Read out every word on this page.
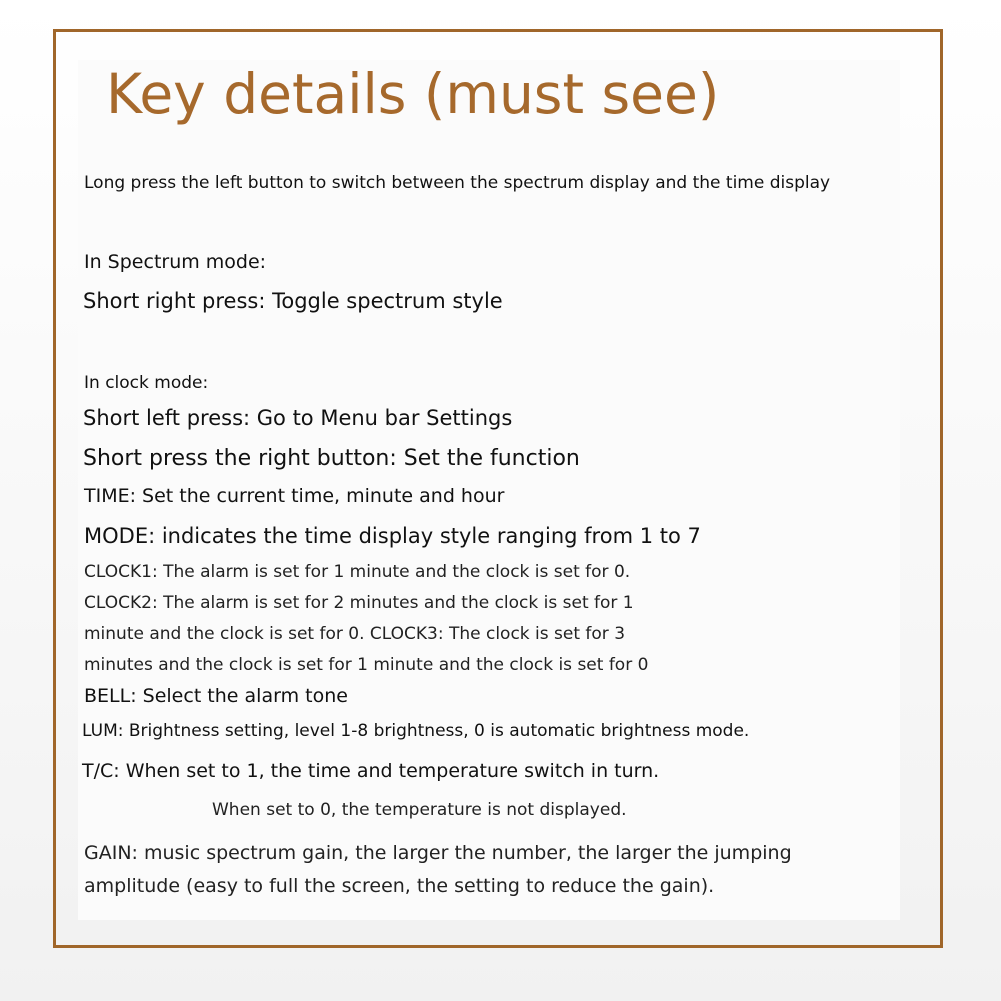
Key details (must see)

Long press the left button to switch between the spectrum display and the time display

In Spectrum mode:

Short right press: Toggle spectrum style

In clock mode:

Short left press: Go to Menu bar Settings

Short press the right button: Set the function

TIME: Set the current time, minute and hour

MODE: indicates the time display style ranging from 1 to 7

CLOCK1: The alarm is set for 1 minute and the clock is set for 0.

CLOCK2: The alarm is set for 2 minutes and the clock is set for 1

minute and the clock is set for 0. CLOCK3: The clock is set for 3

minutes and the clock is set for 1 minute and the clock is set for 0

BELL: Select the alarm tone

LUM: Brightness setting, level 1-8 brightness, 0 is automatic brightness mode.

T/C: When set to 1, the time and temperature switch in turn.

When set to 0, the temperature is not displayed.

GAIN: music spectrum gain, the larger the number, the larger the jumping

amplitude (easy to full the screen, the setting to reduce the gain).
